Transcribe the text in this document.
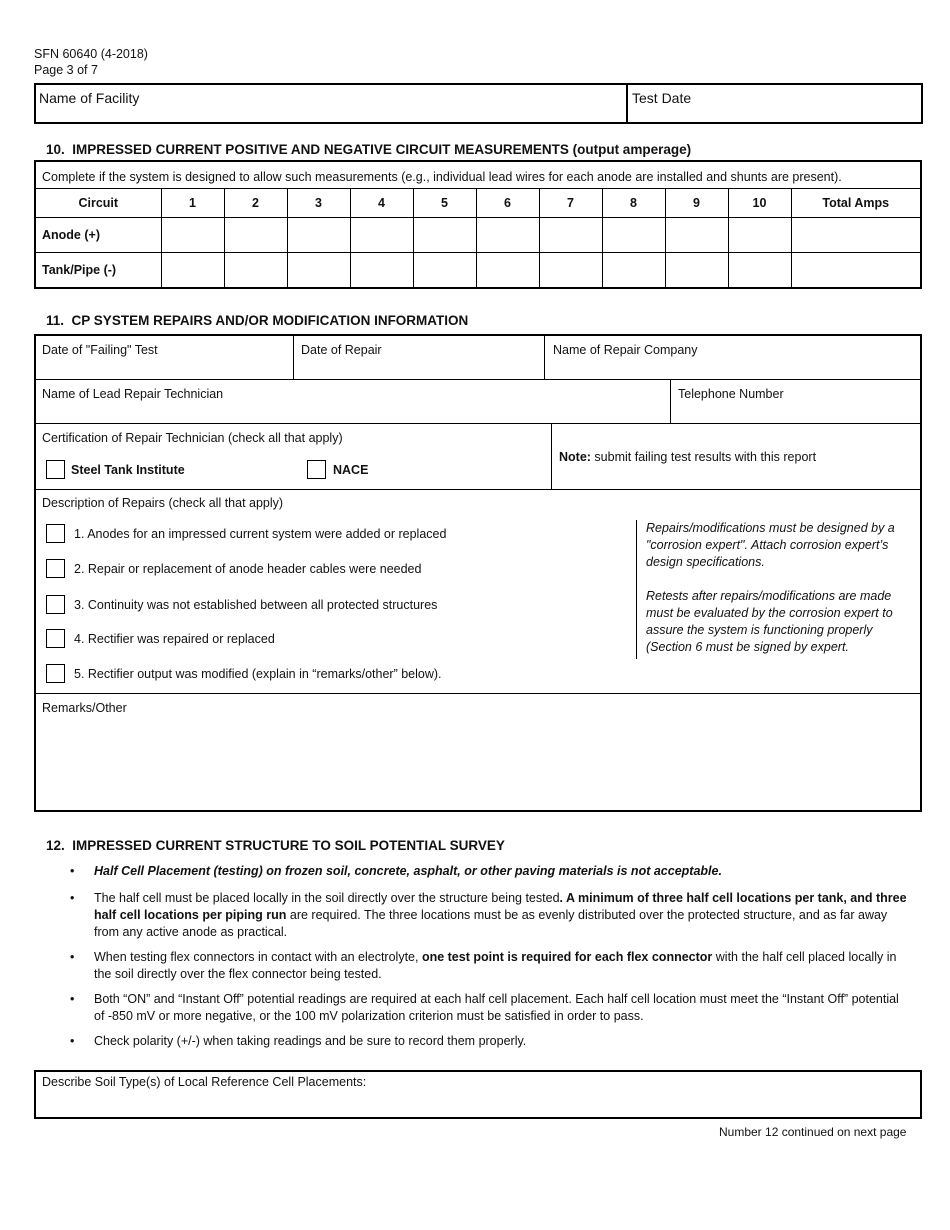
SFN 60640 (4-2018)
Page 3 of 7
Name of Facility	Test Date
10. IMPRESSED CURRENT POSITIVE AND NEGATIVE CIRCUIT MEASUREMENTS (output amperage)
Complete if the system is designed to allow such measurements (e.g., individual lead wires for each anode are installed and shunts are present).
Circuit	1	2	3	4	5	6	7	8	9	10	Total Amps
Anode (+)											
Tank/Pipe (-)											
11. CP SYSTEM REPAIRS AND/OR MODIFICATION INFORMATION
Date of "Failing" Test	Date of Repair	Name of Repair Company
Name of Lead Repair Technician	Telephone Number
Certification of Repair Technician (check all that apply)
Steel Tank Institute	NACE
Note: submit failing test results with this report
Description of Repairs (check all that apply)
1. Anodes for an impressed current system were added or replaced
2. Repair or replacement of anode header cables were needed
3. Continuity was not established between all protected structures
4. Rectifier was repaired or replaced
5. Rectifier output was modified (explain in “remarks/other” below).
Repairs/modifications must be designed by a "corrosion expert". Attach corrosion expert’s design specifications.
Retests after repairs/modifications are made must be evaluated by the corrosion expert to assure the system is functioning properly (Section 6 must be signed by expert.
Remarks/Other
12. IMPRESSED CURRENT STRUCTURE TO SOIL POTENTIAL SURVEY
• Half Cell Placement (testing) on frozen soil, concrete, asphalt, or other paving materials is not acceptable.
• The half cell must be placed locally in the soil directly over the structure being tested. A minimum of three half cell locations per tank, and three half cell locations per piping run are required. The three locations must be as evenly distributed over the protected structure, and as far away from any active anode as practical.
• When testing flex connectors in contact with an electrolyte, one test point is required for each flex connector with the half cell placed locally in the soil directly over the flex connector being tested.
• Both “ON” and “Instant Off” potential readings are required at each half cell placement. Each half cell location must meet the “Instant Off” potential of -850 mV or more negative, or the 100 mV polarization criterion must be satisfied in order to pass.
• Check polarity (+/-) when taking readings and be sure to record them properly.
Describe Soil Type(s) of Local Reference Cell Placements:
Number 12 continued on next page
